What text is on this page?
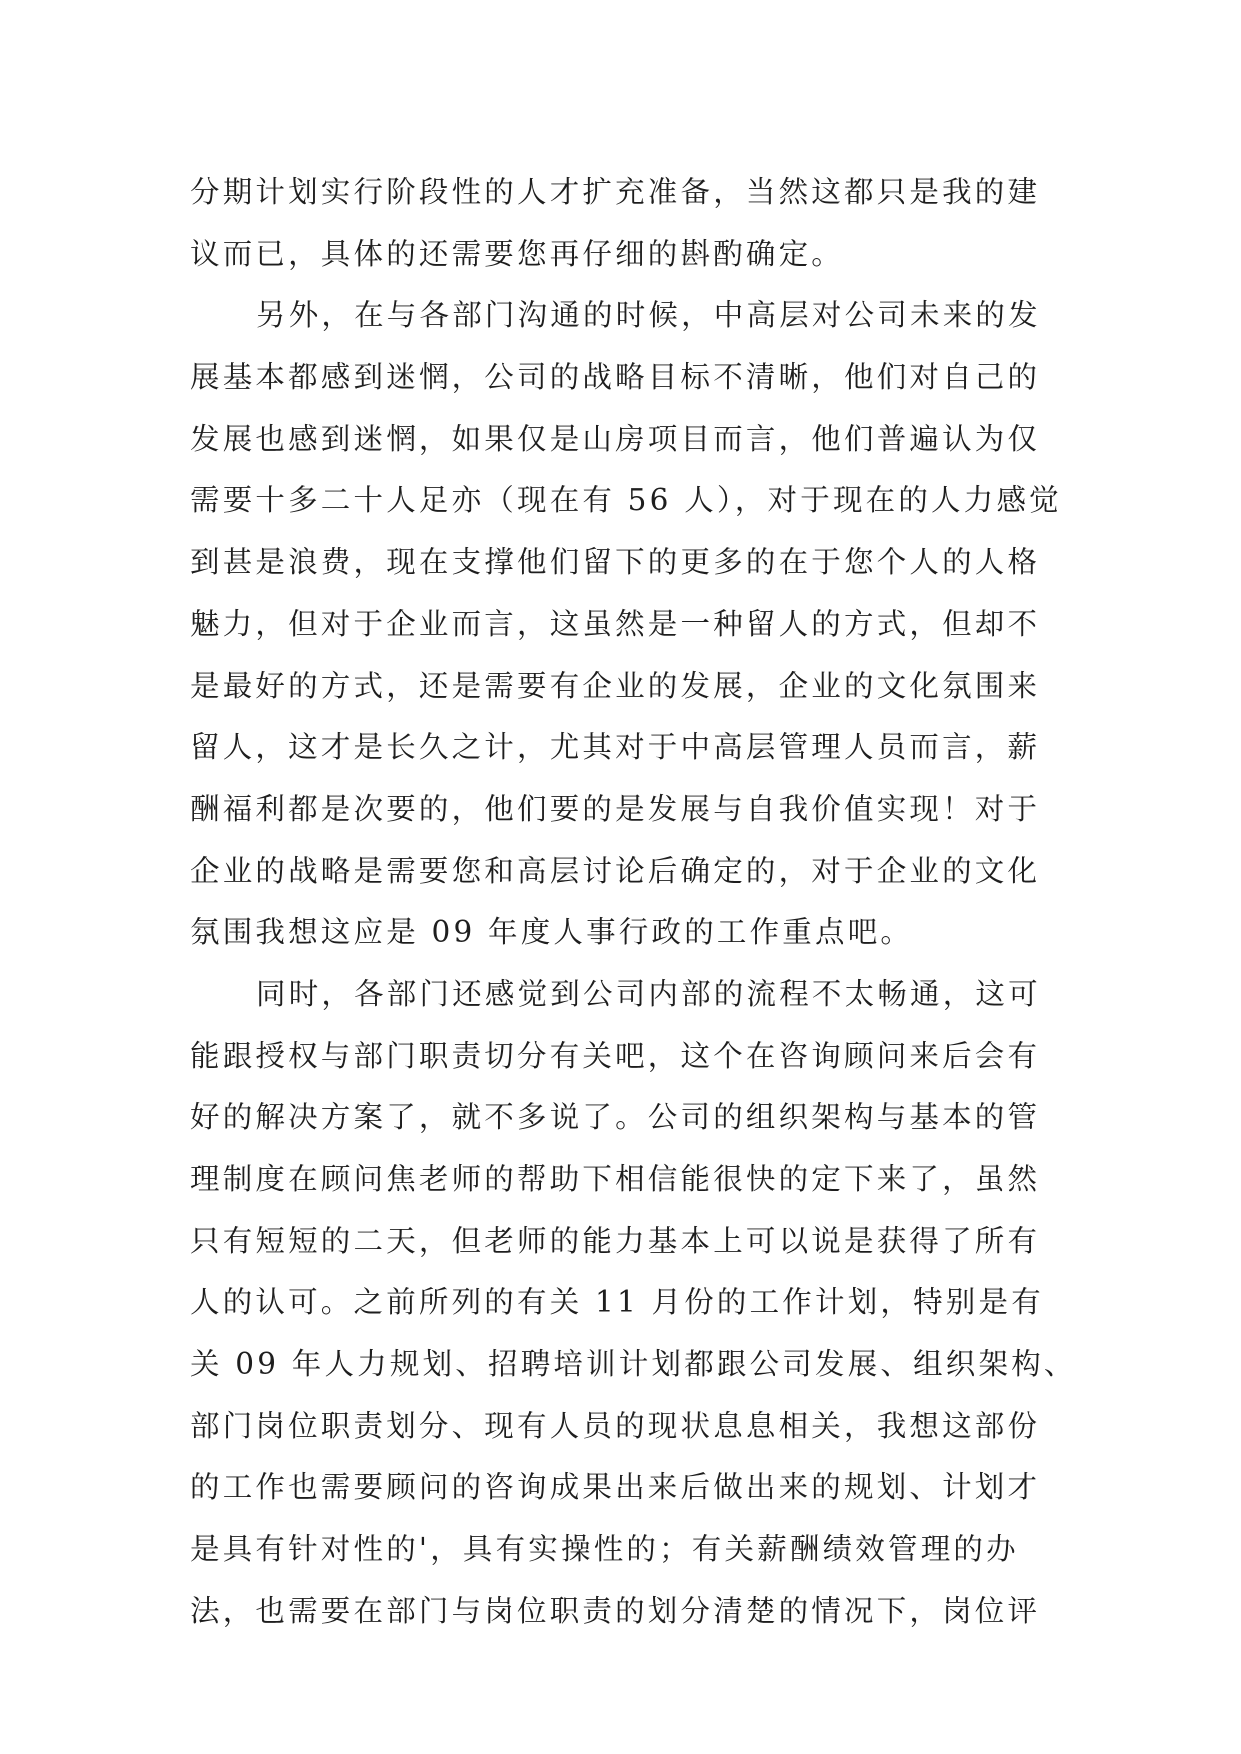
分期计划实行阶段性的人才扩充准备，当然这都只是我的建
议而已，具体的还需要您再仔细的斟酌确定。
另外，在与各部门沟通的时候，中高层对公司未来的发
展基本都感到迷惘，公司的战略目标不清晰，他们对自己的
发展也感到迷惘，如果仅是山房项目而言，他们普遍认为仅
需要十多二十人足亦（现在有 56 人），对于现在的人力感觉
到甚是浪费，现在支撑他们留下的更多的在于您个人的人格
魅力，但对于企业而言，这虽然是一种留人的方式，但却不
是最好的方式，还是需要有企业的发展，企业的文化氛围来
留人，这才是长久之计，尤其对于中高层管理人员而言，薪
酬福利都是次要的，他们要的是发展与自我价值实现！对于
企业的战略是需要您和高层讨论后确定的，对于企业的文化
氛围我想这应是 09 年度人事行政的工作重点吧。
同时，各部门还感觉到公司内部的流程不太畅通，这可
能跟授权与部门职责切分有关吧，这个在咨询顾问来后会有
好的解决方案了，就不多说了。公司的组织架构与基本的管
理制度在顾问焦老师的帮助下相信能很快的定下来了，虽然
只有短短的二天，但老师的能力基本上可以说是获得了所有
人的认可。之前所列的有关 11 月份的工作计划，特别是有
关 09 年人力规划、招聘培训计划都跟公司发展、组织架构、
部门岗位职责划分、现有人员的现状息息相关，我想这部份
的工作也需要顾问的咨询成果出来后做出来的规划、计划才
是具有针对性的'，具有实操性的；有关薪酬绩效管理的办
法，也需要在部门与岗位职责的划分清楚的情况下，岗位评
